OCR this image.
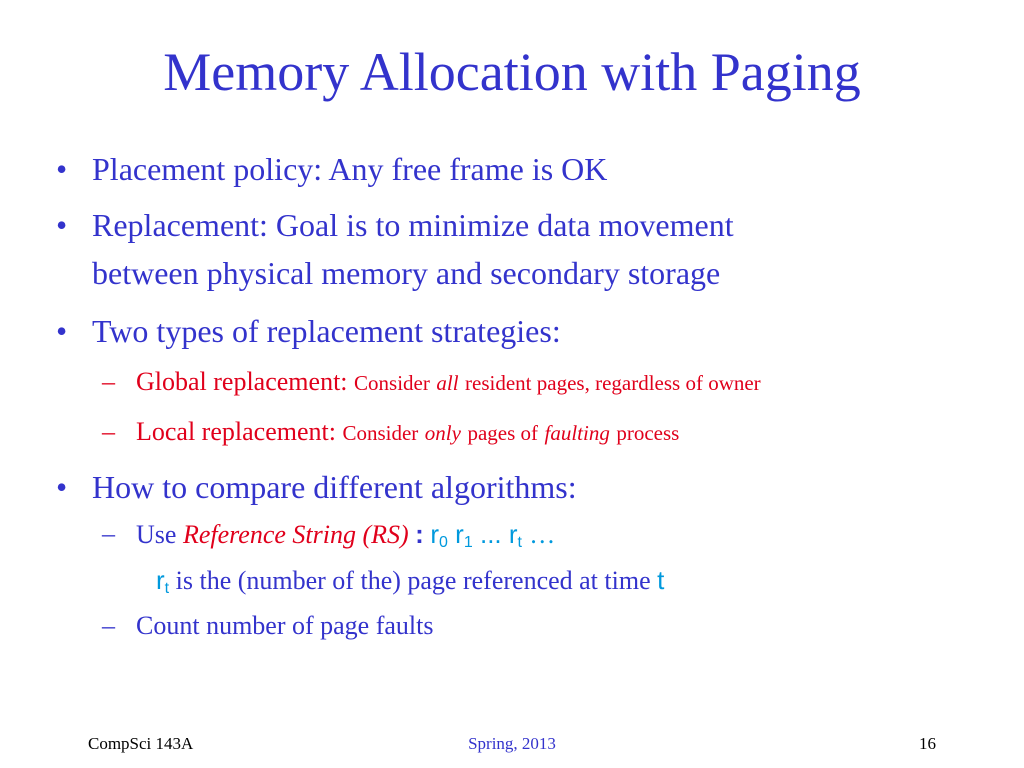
Memory Allocation with Paging
• Placement policy: Any free frame is OK
• Replacement: Goal is to minimize data movement
between physical memory and secondary storage
• Two types of replacement strategies:
– Global replacement: Consider all resident pages, regardless of owner
– Local replacement: Consider only pages of faulting process
• How to compare different algorithms:
– Use Reference String (RS) : $r_0$ $r_1$ ... $r_t$ …
$r_t$ is the (number of the) page referenced at time t
– Count number of page faults
CompSci 143A	Spring, 2013	16
